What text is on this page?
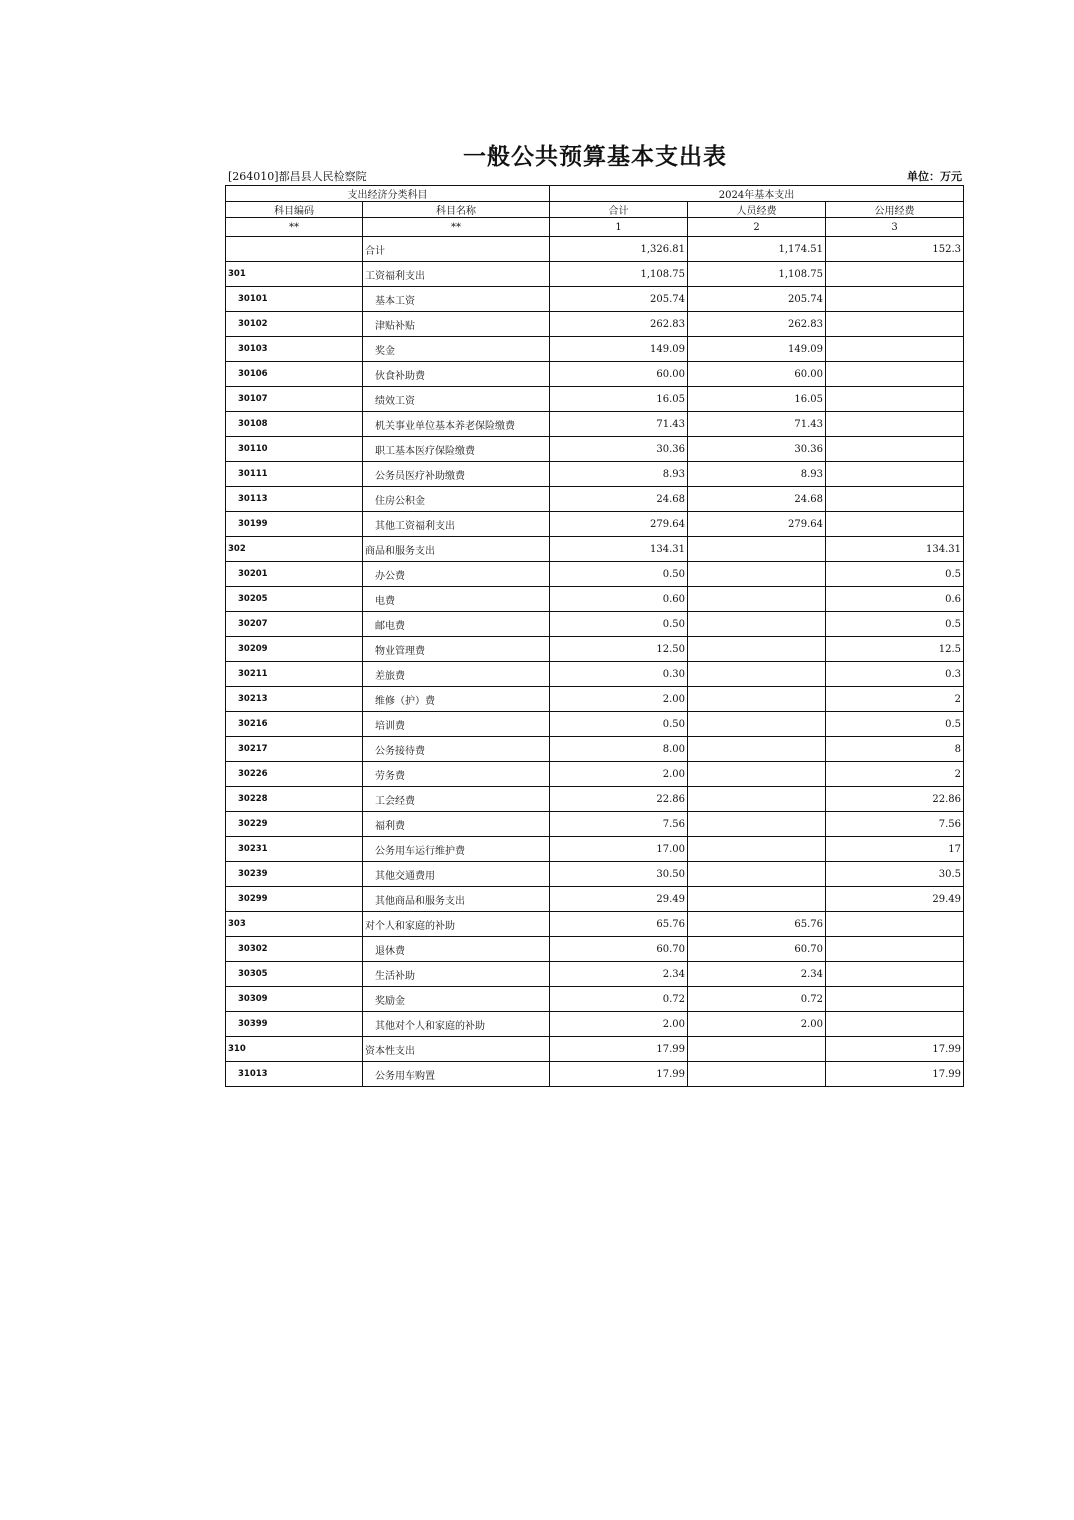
一般公共预算基本支出表
[264010]都昌县人民检察院	单位：万元
支出经济分类科目		2024年基本支出		
科目编码	科目名称	合计	人员经费	公用经费
**	**	1	2	3
	合计	1,326.81	1,174.51	152.3
301	工资福利支出	1,108.75	1,108.75	
30101	基本工资	205.74	205.74	
30102	津贴补贴	262.83	262.83	
30103	奖金	149.09	149.09	
30106	伙食补助费	60.00	60.00	
30107	绩效工资	16.05	16.05	
30108	机关事业单位基本养老保险缴费	71.43	71.43	
30110	职工基本医疗保险缴费	30.36	30.36	
30111	公务员医疗补助缴费	8.93	8.93	
30113	住房公积金	24.68	24.68	
30199	其他工资福利支出	279.64	279.64	
302	商品和服务支出	134.31		134.31
30201	办公费	0.50		0.5
30205	电费	0.60		0.6
30207	邮电费	0.50		0.5
30209	物业管理费	12.50		12.5
30211	差旅费	0.30		0.3
30213	维修（护）费	2.00		2
30216	培训费	0.50		0.5
30217	公务接待费	8.00		8
30226	劳务费	2.00		2
30228	工会经费	22.86		22.86
30229	福利费	7.56		7.56
30231	公务用车运行维护费	17.00		17
30239	其他交通费用	30.50		30.5
30299	其他商品和服务支出	29.49		29.49
303	对个人和家庭的补助	65.76	65.76	
30302	退休费	60.70	60.70	
30305	生活补助	2.34	2.34	
30309	奖励金	0.72	0.72	
30399	其他对个人和家庭的补助	2.00	2.00	
310	资本性支出	17.99		17.99
31013	公务用车购置	17.99		17.99
